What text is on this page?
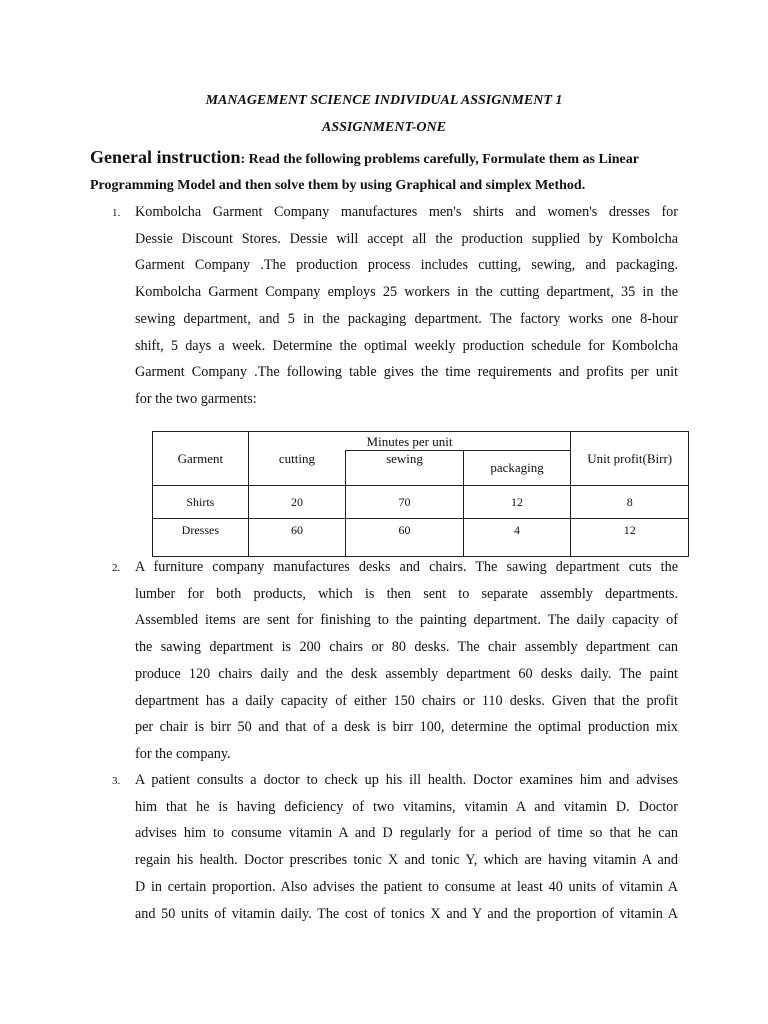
MANAGEMENT SCIENCE INDIVIDUAL ASSIGNMENT 1
ASSIGNMENT-ONE
General instruction: Read the following problems carefully, Formulate them as Linear
Programming Model and then solve them by using Graphical and simplex Method.
1. Kombolcha Garment Company manufactures men's shirts and women's dresses for
Dessie Discount Stores. Dessie will accept all the production supplied by Kombolcha
Garment Company .The production process includes cutting, sewing, and packaging.
Kombolcha Garment Company employs 25 workers in the cutting department, 35 in the
sewing department, and 5 in the packaging department. The factory works one 8-hour
shift, 5 days a week. Determine the optimal weekly production schedule for Kombolcha
Garment Company .The following table gives the time requirements and profits per unit
for the two garments:
Garment	Minutes per unit			Unit profit(Birr)
	cutting	sewing	packaging	
Shirts	20	70	12	8
Dresses	60	60	4	12
2. A furniture company manufactures desks and chairs. The sawing department cuts the
lumber for both products, which is then sent to separate assembly departments.
Assembled items are sent for finishing to the painting department. The daily capacity of
the sawing department is 200 chairs or 80 desks. The chair assembly department can
produce 120 chairs daily and the desk assembly department 60 desks daily. The paint
department has a daily capacity of either 150 chairs or 110 desks. Given that the profit
per chair is birr 50 and that of a desk is birr 100, determine the optimal production mix
for the company.
3. A patient consults a doctor to check up his ill health. Doctor examines him and advises
him that he is having deficiency of two vitamins, vitamin A and vitamin D. Doctor
advises him to consume vitamin A and D regularly for a period of time so that he can
regain his health. Doctor prescribes tonic X and tonic Y, which are having vitamin A and
D in certain proportion. Also advises the patient to consume at least 40 units of vitamin A
and 50 units of vitamin daily. The cost of tonics X and Y and the proportion of vitamin A
